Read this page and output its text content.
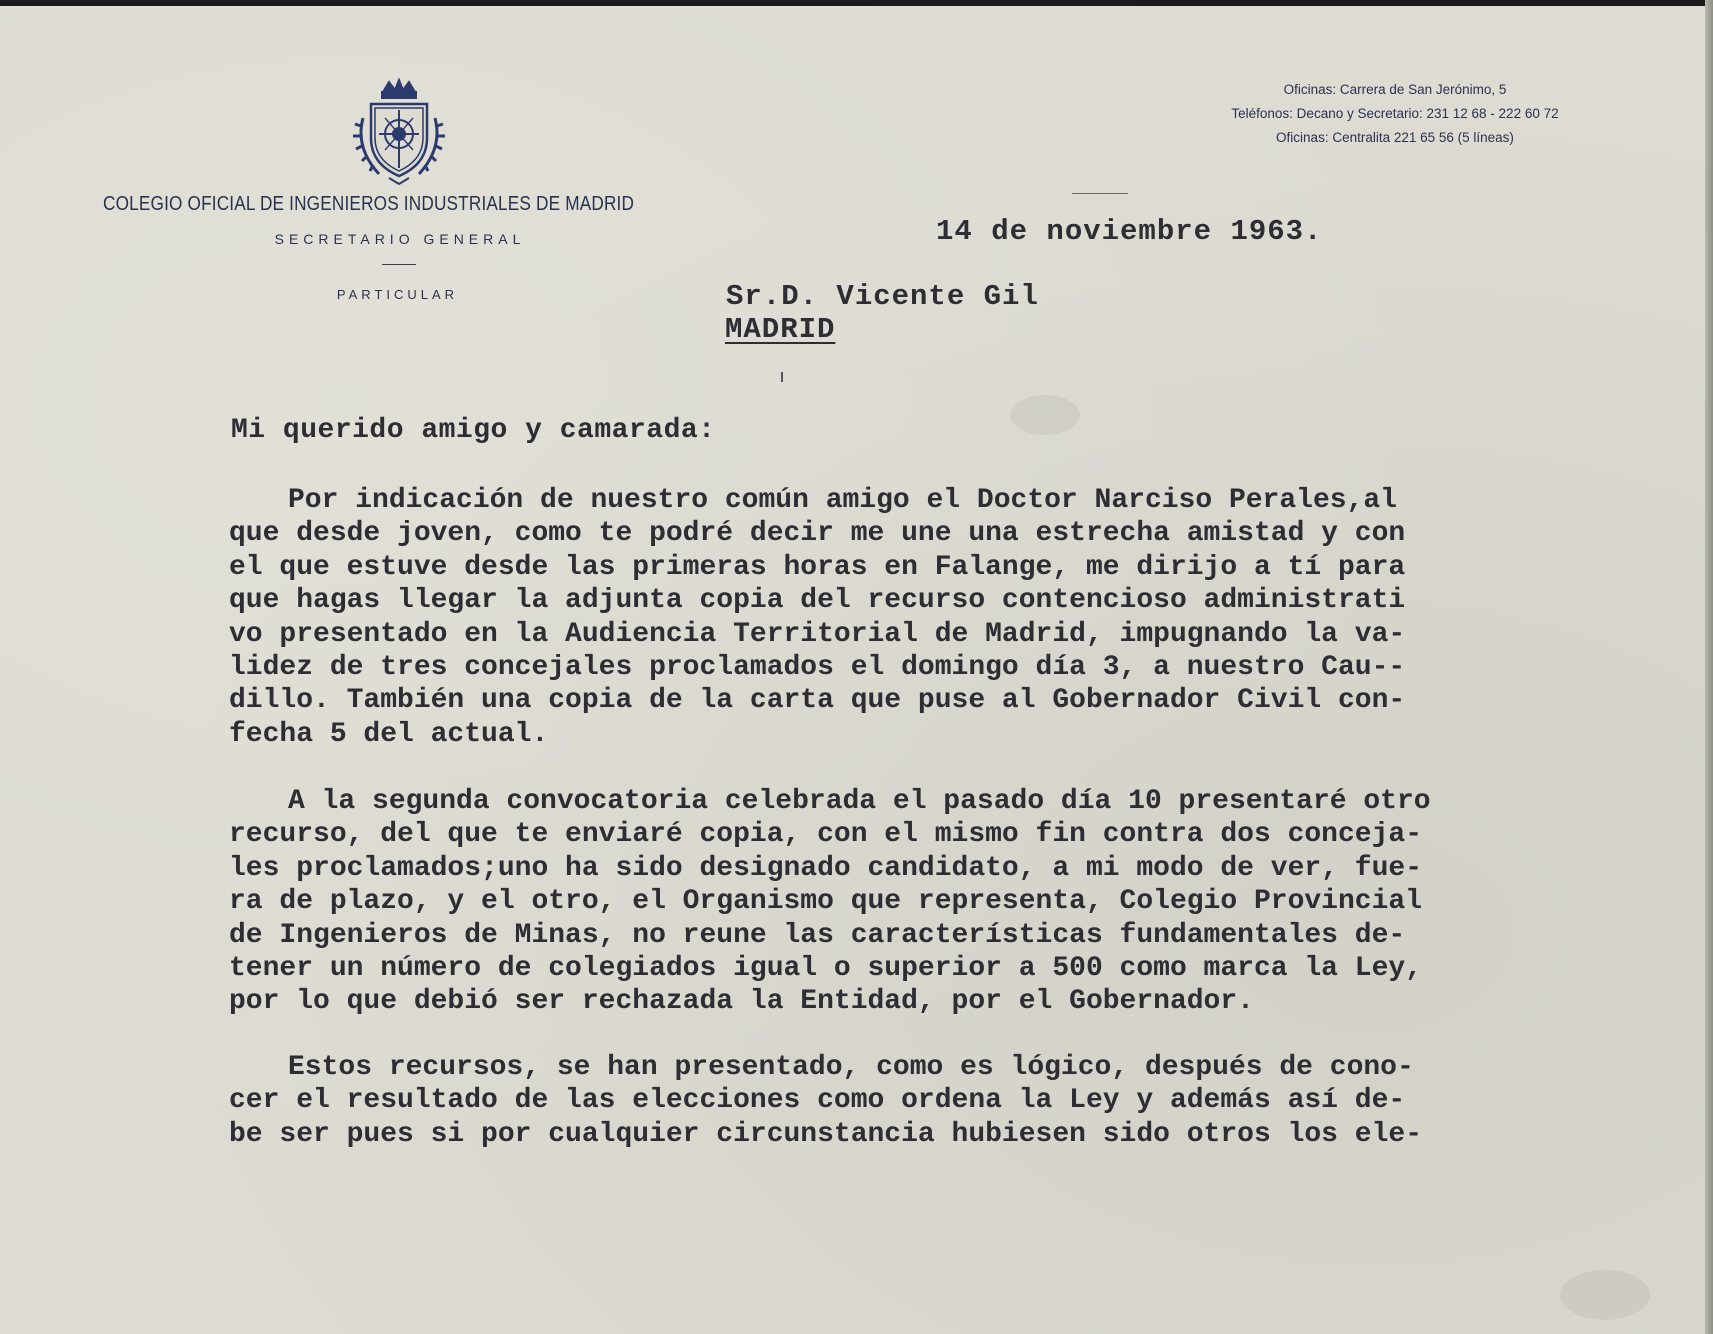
COLEGIO OFICIAL DE INGENIEROS INDUSTRIALES DE MADRID
SECRETARIO GENERAL
PARTICULAR
Oficinas: Carrera de San Jerónimo, 5
Teléfonos: Decano y Secretario: 231 12 68 - 222 60 72
Oficinas: Centralita 221 65 56 (5 líneas)
14 de noviembre 1963.
Sr.D. Vicente Gil
MADRID
Mi querido amigo y camarada:
Por indicación de nuestro común amigo el Doctor Narciso Perales,al
que desde joven, como te podré decir me une una estrecha amistad y con
el que estuve desde las primeras horas en Falange, me dirijo a tí para
que hagas llegar la adjunta copia del recurso contencioso administrati
vo presentado en la Audiencia Territorial de Madrid, impugnando la va-
lidez de tres concejales proclamados el domingo día 3, a nuestro Cau--
dillo. También una copia de la carta que puse al Gobernador Civil con-
fecha 5 del actual.
A la segunda convocatoria celebrada el pasado día 10 presentaré otro
recurso, del que te enviaré copia, con el mismo fin contra dos conceja-
les proclamados;uno ha sido designado candidato, a mi modo de ver, fue-
ra de plazo, y el otro, el Organismo que representa, Colegio Provincial
de Ingenieros de Minas, no reune las características fundamentales de-
tener un número de colegiados igual o superior a 500 como marca la Ley,
por lo que debió ser rechazada la Entidad, por el Gobernador.
Estos recursos, se han presentado, como es lógico, después de cono-
cer el resultado de las elecciones como ordena la Ley y además así de-
be ser pues si por cualquier circunstancia hubiesen sido otros los ele-
